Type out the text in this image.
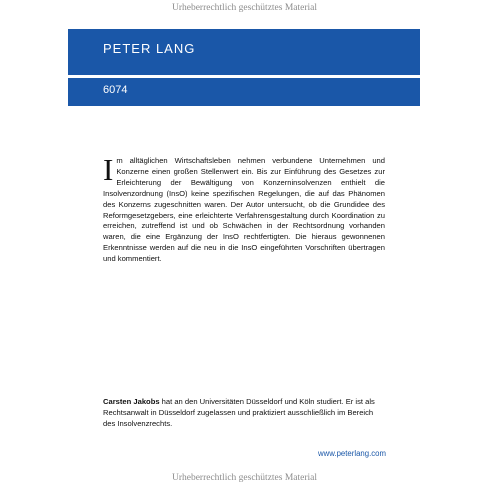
Urheberrechtlich geschütztes Material
PETER LANG
6074

Im alltäglichen Wirtschaftsleben nehmen verbundene Unternehmen und Konzerne einen großen Stellenwert ein. Bis zur Einführung des Gesetzes zur Erleichterung der Bewältigung von Konzerninsolvenzen enthielt die Insolvenzordnung (InsO) keine spezifischen Regelungen, die auf das Phänomen des Konzerns zugeschnitten waren. Der Autor untersucht, ob die Grundidee des Reformgesetzgebers, eine erleichterte Verfahrensgestaltung durch Koordination zu erreichen, zutreffend ist und ob Schwächen in der Rechtsordnung vorhanden waren, die eine Ergänzung der InsO rechtfertigten. Die hieraus gewonnenen Erkenntnisse werden auf die neu in die InsO eingeführten Vorschriften übertragen und kommentiert.

Carsten Jakobs hat an den Universitäten Düsseldorf und Köln studiert. Er ist als Rechtsanwalt in Düsseldorf zugelassen und praktiziert ausschließlich im Bereich des Insolvenzrechts.

www.peterlang.com
Urheberrechtlich geschütztes Material
